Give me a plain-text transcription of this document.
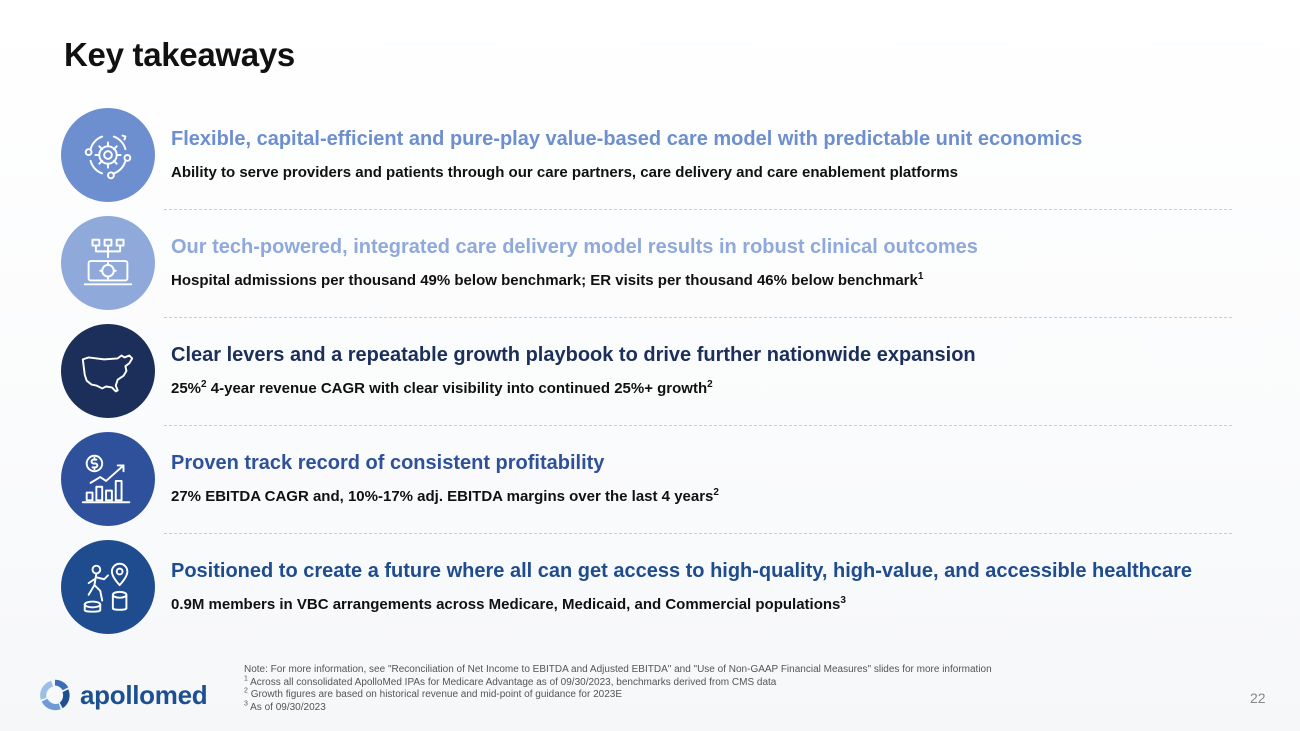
Key takeaways
Flexible, capital-efficient and pure-play value-based care model with predictable unit economics
Ability to serve providers and patients through our care partners, care delivery and care enablement platforms
Our tech-powered, integrated care delivery model results in robust clinical outcomes
Hospital admissions per thousand 49% below benchmark; ER visits per thousand 46% below benchmark$^1$
Clear levers and a repeatable growth playbook to drive further nationwide expansion
25%$^2$ 4-year revenue CAGR with clear visibility into continued 25%+ growth$^2$
Proven track record of consistent profitability
27% EBITDA CAGR and, 10%-17% adj. EBITDA margins over the last 4 years$^2$
Positioned to create a future where all can get access to high-quality, high-value, and accessible healthcare
0.9M members in VBC arrangements across Medicare, Medicaid, and Commercial populations$^3$
Note: For more information, see "Reconciliation of Net Income to EBITDA and Adjusted EBITDA" and "Use of Non-GAAP Financial Measures" slides for more information
$^1$ Across all consolidated ApolloMed IPAs for Medicare Advantage as of 09/30/2023, benchmarks derived from CMS data
$^2$ Growth figures are based on historical revenue and mid-point of guidance for 2023E
$^3$ As of 09/30/2023
apollomed	22
